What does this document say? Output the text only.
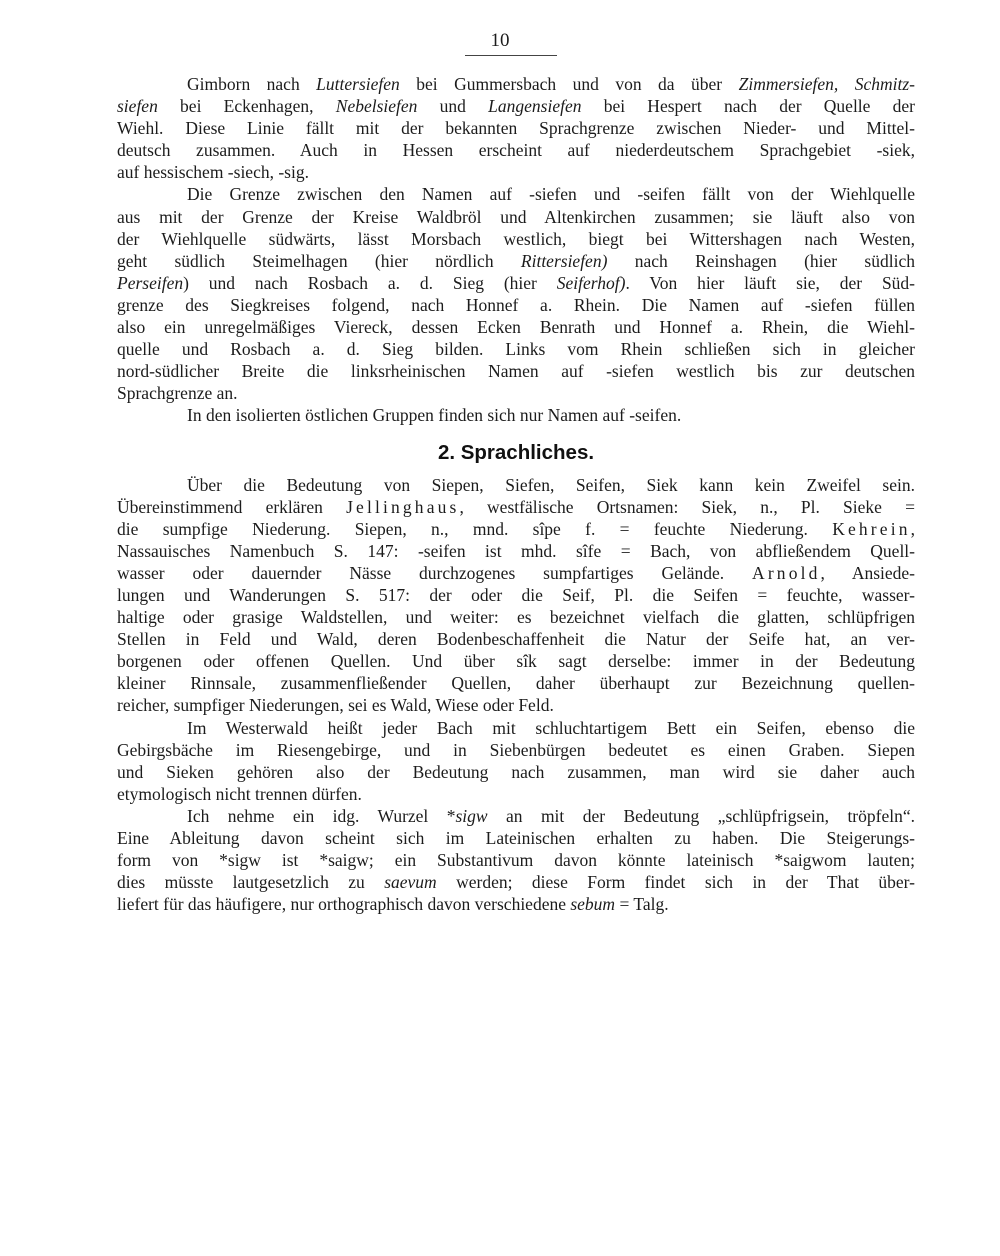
10

Gimborn nach Luttersiefen bei Gummersbach und von da über Zimmersiefen, Schmitz-
siefen bei Eckenhagen, Nebelsiefen und Langensiefen bei Hespert nach der Quelle der
Wiehl. Diese Linie fällt mit der bekannten Sprachgrenze zwischen Nieder- und Mittel-
deutsch zusammen. Auch in Hessen erscheint auf niederdeutschem Sprachgebiet -siek,
auf hessischem -siech, -sig.

Die Grenze zwischen den Namen auf -siefen und -seifen fällt von der Wiehlquelle
aus mit der Grenze der Kreise Waldbröl und Altenkirchen zusammen; sie läuft also von
der Wiehlquelle südwärts, lässt Morsbach westlich, biegt bei Wittershagen nach Westen,
geht südlich Steimelhagen (hier nördlich Rittersiefen) nach Reinshagen (hier südlich
Perseifen) und nach Rosbach a. d. Sieg (hier Seiferhof). Von hier läuft sie, der Süd-
grenze des Siegkreises folgend, nach Honnef a. Rhein. Die Namen auf -siefen füllen
also ein unregelmäßiges Viereck, dessen Ecken Benrath und Honnef a. Rhein, die Wiehl-
quelle und Rosbach a. d. Sieg bilden. Links vom Rhein schließen sich in gleicher
nord-südlicher Breite die linksrheinischen Namen auf -siefen westlich bis zur deutschen
Sprachgrenze an.

In den isolierten östlichen Gruppen finden sich nur Namen auf -seifen.

2. Sprachliches.

Über die Bedeutung von Siepen, Siefen, Seifen, Siek kann kein Zweifel sein.
Übereinstimmend erklären Jellinghaus, westfälische Ortsnamen: Siek, n., Pl. Sieke =
die sumpfige Niederung. Siepen, n., mnd. sîpe f. = feuchte Niederung. Kehrein,
Nassauisches Namenbuch S. 147: -seifen ist mhd. sîfe = Bach, von abfließendem Quell-
wasser oder dauernder Nässe durchzogenes sumpfartiges Gelände. Arnold, Ansiede-
lungen und Wanderungen S. 517: der oder die Seif, Pl. die Seifen = feuchte, wasser-
haltige oder grasige Waldstellen, und weiter: es bezeichnet vielfach die glatten, schlüpfrigen
Stellen in Feld und Wald, deren Bodenbeschaffenheit die Natur der Seife hat, an ver-
borgenen oder offenen Quellen. Und über sîk sagt derselbe: immer in der Bedeutung
kleiner Rinnsale, zusammenfließender Quellen, daher überhaupt zur Bezeichnung quellen-
reicher, sumpfiger Niederungen, sei es Wald, Wiese oder Feld.

Im Westerwald heißt jeder Bach mit schluchtartigem Bett ein Seifen, ebenso die
Gebirgsbäche im Riesengebirge, und in Siebenbürgen bedeutet es einen Graben. Siepen
und Sieken gehören also der Bedeutung nach zusammen, man wird sie daher auch
etymologisch nicht trennen dürfen.

Ich nehme ein idg. Wurzel *sigw an mit der Bedeutung „schlüpfrigsein, tröpfeln“.
Eine Ableitung davon scheint sich im Lateinischen erhalten zu haben. Die Steigerungs-
form von *sigw ist *saigw; ein Substantivum davon könnte lateinisch *saigwom lauten;
dies müsste lautgesetzlich zu saevum werden; diese Form findet sich in der That über-
liefert für das häufigere, nur orthographisch davon verschiedene sebum = Talg.
